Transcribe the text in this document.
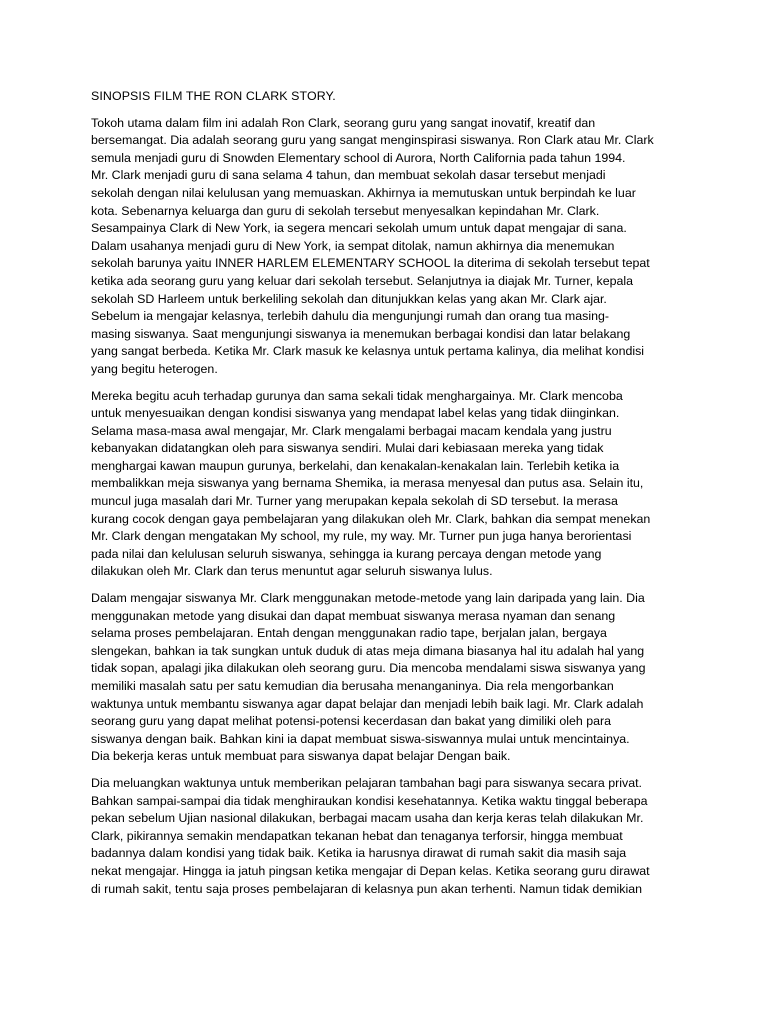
SINOPSIS FILM THE RON CLARK STORY.
Tokoh utama dalam film ini adalah Ron Clark, seorang guru yang sangat inovatif, kreatif dan
bersemangat. Dia adalah seorang guru yang sangat menginspirasi siswanya. Ron Clark atau Mr. Clark
semula menjadi guru di Snowden Elementary school di Aurora, North California pada tahun 1994.
Mr. Clark menjadi guru di sana selama 4 tahun, dan membuat sekolah dasar tersebut menjadi
sekolah dengan nilai kelulusan yang memuaskan. Akhirnya ia memutuskan untuk berpindah ke luar
kota. Sebenarnya keluarga dan guru di sekolah tersebut menyesalkan kepindahan Mr. Clark.
Sesampainya Clark di New York, ia segera mencari sekolah umum untuk dapat mengajar di sana.
Dalam usahanya menjadi guru di New York, ia sempat ditolak, namun akhirnya dia menemukan
sekolah barunya yaitu INNER HARLEM ELEMENTARY SCHOOL Ia diterima di sekolah tersebut tepat
ketika ada seorang guru yang keluar dari sekolah tersebut. Selanjutnya ia diajak Mr. Turner, kepala
sekolah SD Harleem untuk berkeliling sekolah dan ditunjukkan kelas yang akan Mr. Clark ajar.
Sebelum ia mengajar kelasnya, terlebih dahulu dia mengunjungi rumah dan orang tua masing-
masing siswanya. Saat mengunjungi siswanya ia menemukan berbagai kondisi dan latar belakang
yang sangat berbeda. Ketika Mr. Clark masuk ke kelasnya untuk pertama kalinya, dia melihat kondisi
yang begitu heterogen.
Mereka begitu acuh terhadap gurunya dan sama sekali tidak menghargainya. Mr. Clark mencoba
untuk menyesuaikan dengan kondisi siswanya yang mendapat label kelas yang tidak diinginkan.
Selama masa-masa awal mengajar, Mr. Clark mengalami berbagai macam kendala yang justru
kebanyakan didatangkan oleh para siswanya sendiri. Mulai dari kebiasaan mereka yang tidak
menghargai kawan maupun gurunya, berkelahi, dan kenakalan-kenakalan lain. Terlebih ketika ia
membalikkan meja siswanya yang bernama Shemika, ia merasa menyesal dan putus asa. Selain itu,
muncul juga masalah dari Mr. Turner yang merupakan kepala sekolah di SD tersebut. Ia merasa
kurang cocok dengan gaya pembelajaran yang dilakukan oleh Mr. Clark, bahkan dia sempat menekan
Mr. Clark dengan mengatakan My school, my rule, my way. Mr. Turner pun juga hanya berorientasi
pada nilai dan kelulusan seluruh siswanya, sehingga ia kurang percaya dengan metode yang
dilakukan oleh Mr. Clark dan terus menuntut agar seluruh siswanya lulus.
Dalam mengajar siswanya Mr. Clark menggunakan metode-metode yang lain daripada yang lain. Dia
menggunakan metode yang disukai dan dapat membuat siswanya merasa nyaman dan senang
selama proses pembelajaran. Entah dengan menggunakan radio tape, berjalan jalan, bergaya
slengekan, bahkan ia tak sungkan untuk duduk di atas meja dimana biasanya hal itu adalah hal yang
tidak sopan, apalagi jika dilakukan oleh seorang guru. Dia mencoba mendalami siswa siswanya yang
memiliki masalah satu per satu kemudian dia berusaha menanganinya. Dia rela mengorbankan
waktunya untuk membantu siswanya agar dapat belajar dan menjadi lebih baik lagi. Mr. Clark adalah
seorang guru yang dapat melihat potensi-potensi kecerdasan dan bakat yang dimiliki oleh para
siswanya dengan baik. Bahkan kini ia dapat membuat siswa-siswannya mulai untuk mencintainya.
Dia bekerja keras untuk membuat para siswanya dapat belajar Dengan baik.
Dia meluangkan waktunya untuk memberikan pelajaran tambahan bagi para siswanya secara privat.
Bahkan sampai-sampai dia tidak menghiraukan kondisi kesehatannya. Ketika waktu tinggal beberapa
pekan sebelum Ujian nasional dilakukan, berbagai macam usaha dan kerja keras telah dilakukan Mr.
Clark, pikirannya semakin mendapatkan tekanan hebat dan tenaganya terforsir, hingga membuat
badannya dalam kondisi yang tidak baik. Ketika ia harusnya dirawat di rumah sakit dia masih saja
nekat mengajar. Hingga ia jatuh pingsan ketika mengajar di Depan kelas. Ketika seorang guru dirawat
di rumah sakit, tentu saja proses pembelajaran di kelasnya pun akan terhenti. Namun tidak demikian
